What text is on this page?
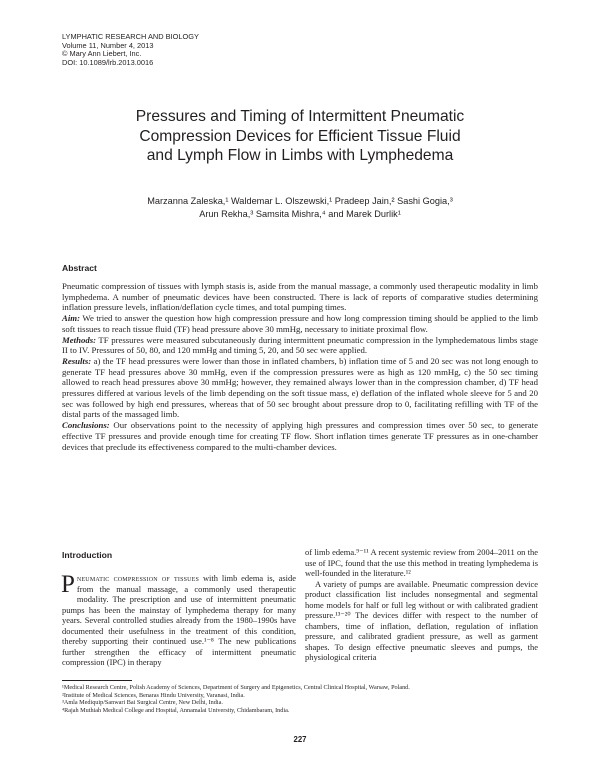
LYMPHATIC RESEARCH AND BIOLOGY
Volume 11, Number 4, 2013
© Mary Ann Liebert, Inc.
DOI: 10.1089/lrb.2013.0016
Pressures and Timing of Intermittent Pneumatic
Compression Devices for Efficient Tissue Fluid
and Lymph Flow in Limbs with Lymphedema
Marzanna Zaleska,¹ Waldemar L. Olszewski,¹ Pradeep Jain,² Sashi Gogia,³
Arun Rekha,³ Samsita Mishra,⁴ and Marek Durlik¹
Abstract

Pneumatic compression of tissues with lymph stasis is, aside from the manual massage, a commonly used therapeutic modality in limb lymphedema. A number of pneumatic devices have been constructed. There is lack of reports of comparative studies determining inflation pressure levels, inflation/deflation cycle times, and total pumping times.

Aim: We tried to answer the question how high compression pressure and how long compression timing should be applied to the limb soft tissues to reach tissue fluid (TF) head pressure above 30 mmHg, necessary to initiate proximal flow.

Methods: TF pressures were measured subcutaneously during intermittent pneumatic compression in the lymphedematous limbs stage II to IV. Pressures of 50, 80, and 120 mmHg and timing 5, 20, and 50 sec were applied.

Results: a) the TF head pressures were lower than those in inflated chambers, b) inflation time of 5 and 20 sec was not long enough to generate TF head pressures above 30 mmHg, even if the compression pressures were as high as 120 mmHg, c) the 50 sec timing allowed to reach head pressures above 30 mmHg; however, they remained always lower than in the compression chamber, d) TF head pressures differed at various levels of the limb depending on the soft tissue mass, e) deflation of the inflated whole sleeve for 5 and 20 sec was followed by high end pressures, whereas that of 50 sec brought about pressure drop to 0, facilitating refilling with TF of the distal parts of the massaged limb.

Conclusions: Our observations point to the necessity of applying high pressures and compression times over 50 sec, to generate effective TF pressures and provide enough time for creating TF flow. Short inflation times generate TF pressures as in one-chamber devices that preclude its effectiveness compared to the multi-chamber devices.

Introduction
Pneumatic compression of tissues with limb edema is, aside from the manual massage, a commonly used therapeutic modality. The prescription and use of intermittent pneumatic pumps has been the mainstay of lymphedema therapy for many years. Several controlled studies already from the 1980–1990s have documented their usefulness in the treatment of this condition, thereby supporting their continued use.¹⁻⁸ The new publications further strengthen the efficacy of intermittent pneumatic compression (IPC) in therapy

of limb edema.⁹⁻¹¹ A recent systemic review from 2004–2011 on the use of IPC, found that the use this method in treating lymphedema is well-founded in the literature.¹²

A variety of pumps are available. Pneumatic compression device product classification list includes nonsegmental and segmental home models for half or full leg without or with calibrated gradient pressure.¹³⁻²⁰ The devices differ with respect to the number of chambers, time of inflation, deflation, regulation of inflation pressure, and calibrated gradient pressure, as well as garment shapes. To design effective pneumatic sleeves and pumps, the physiological criteria

¹Medical Research Centre, Polish Academy of Sciences, Department of Surgery and Epigenetics, Central Clinical Hospital, Warsaw, Poland.
²Institute of Medical Sciences, Benaras Hindu University, Varanasi, India.
³Amla Mediquip/Sanwari Bai Surgical Centre, New Delhi, India.
⁴Rajah Muthiah Medical College and Hospital, Annamalai University, Chidambaram, India.
227
